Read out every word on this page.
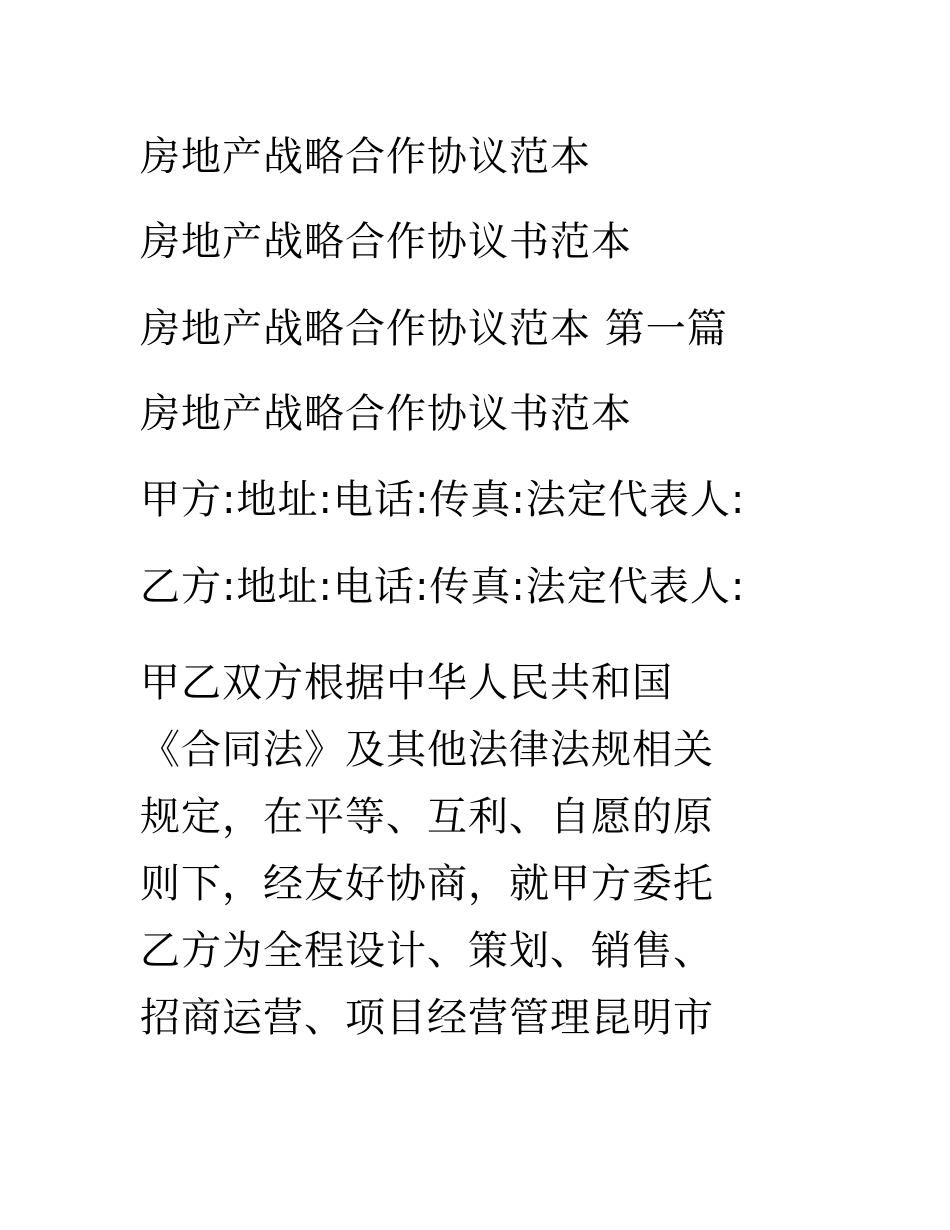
房地产战略合作协议范本
房地产战略合作协议书范本
房地产战略合作协议范本 第一篇
房地产战略合作协议书范本
甲方:地址:电话:传真:法定代表人:
乙方:地址:电话:传真:法定代表人:
甲乙双方根据中华人民共和国
《合同法》及其他法律法规相关
规定，在平等、互利、自愿的原
则下，经友好协商，就甲方委托
乙方为全程设计、策划、销售、
招商运营、项目经营管理昆明市
